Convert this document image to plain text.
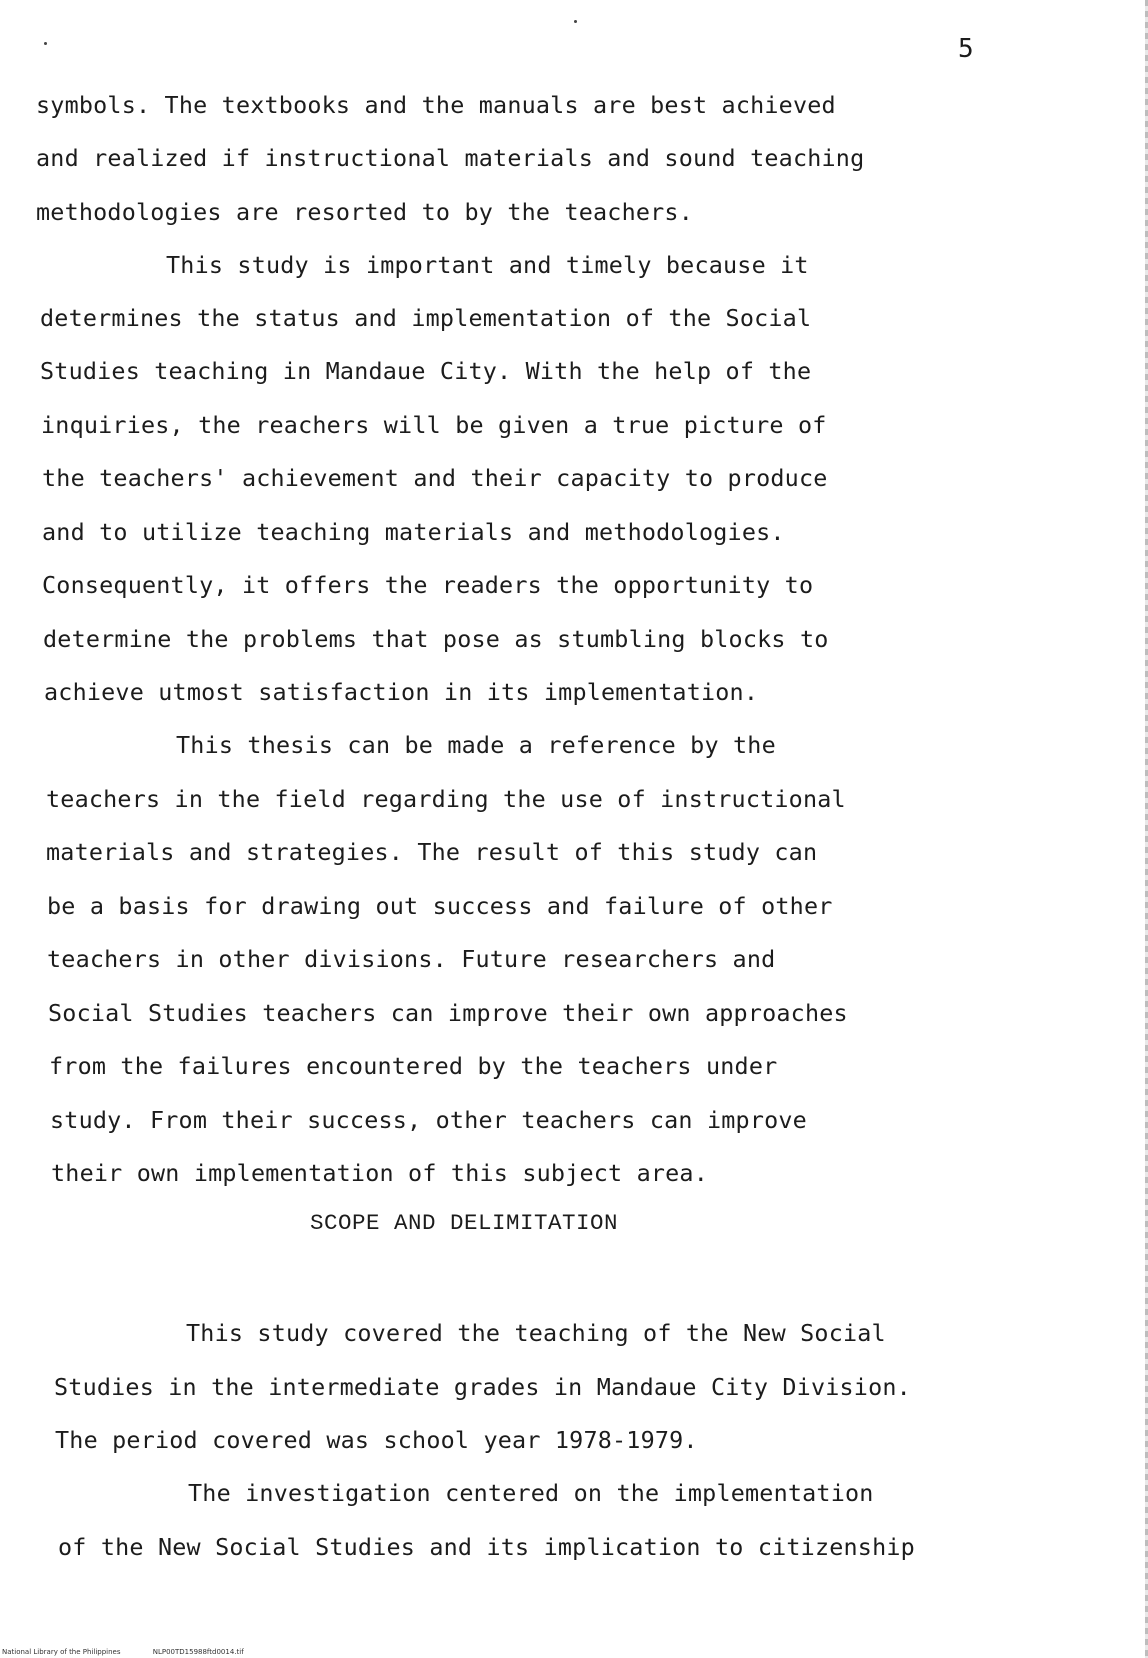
5
symbols. The textbooks and the manuals are best achieved
and realized if instructional materials and sound teaching
methodologies are resorted to by the teachers.
This study is important and timely because it
determines the status and implementation of the Social
Studies teaching in Mandaue City. With the help of the
inquiries, the reachers will be given a true picture of
the teachers' achievement and their capacity to produce
and to utilize teaching materials and methodologies.
Consequently, it offers the readers the opportunity to
determine the problems that pose as stumbling blocks to
achieve utmost satisfaction in its implementation.
This thesis can be made a reference by the
teachers in the field regarding the use of instructional
materials and strategies. The result of this study can
be a basis for drawing out success and failure of other
teachers in other divisions. Future researchers and
Social Studies teachers can improve their own approaches
from the failures encountered by the teachers under
study. From their success, other teachers can improve
their own implementation of this subject area.
SCOPE AND DELIMITATION
This study covered the teaching of the New Social
Studies in the intermediate grades in Mandaue City Division.
The period covered was school year 1978-1979.
The investigation centered on the implementation
of the New Social Studies and its implication to citizenship
National Library of the Philippines	NLP00TD15988ftd0014.tif
